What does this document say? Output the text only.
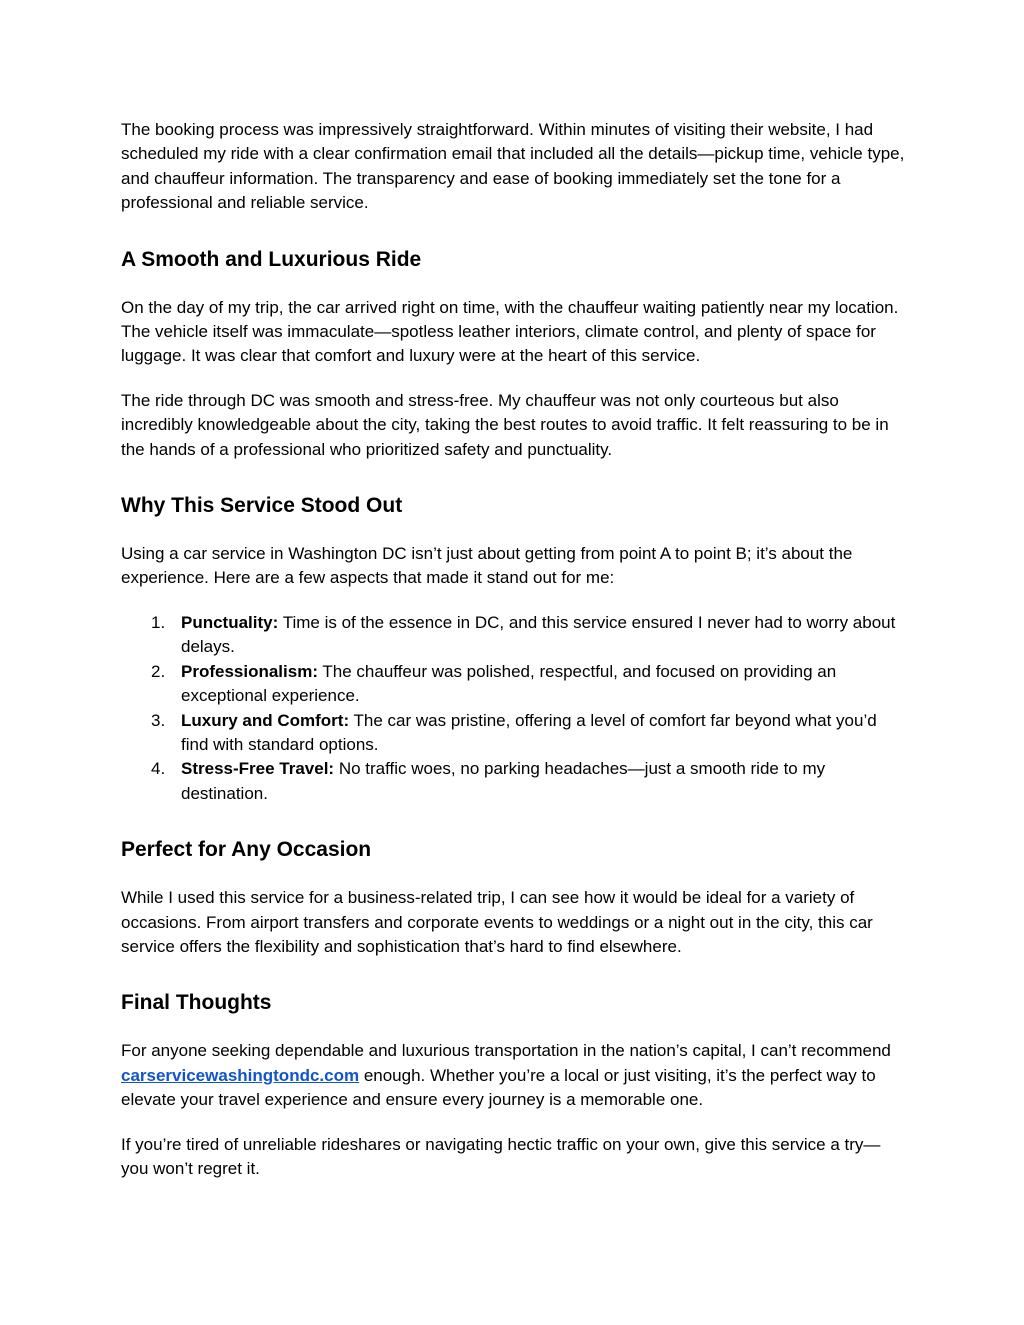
The booking process was impressively straightforward. Within minutes of visiting their website, I had scheduled my ride with a clear confirmation email that included all the details—pickup time, vehicle type, and chauffeur information. The transparency and ease of booking immediately set the tone for a professional and reliable service.

A Smooth and Luxurious Ride

On the day of my trip, the car arrived right on time, with the chauffeur waiting patiently near my location. The vehicle itself was immaculate—spotless leather interiors, climate control, and plenty of space for luggage. It was clear that comfort and luxury were at the heart of this service.

The ride through DC was smooth and stress-free. My chauffeur was not only courteous but also incredibly knowledgeable about the city, taking the best routes to avoid traffic. It felt reassuring to be in the hands of a professional who prioritized safety and punctuality.

Why This Service Stood Out

Using a car service in Washington DC isn’t just about getting from point A to point B; it’s about the experience. Here are a few aspects that made it stand out for me:

1. Punctuality: Time is of the essence in DC, and this service ensured I never had to worry about delays.
2. Professionalism: The chauffeur was polished, respectful, and focused on providing an exceptional experience.
3. Luxury and Comfort: The car was pristine, offering a level of comfort far beyond what you’d find with standard options.
4. Stress-Free Travel: No traffic woes, no parking headaches—just a smooth ride to my destination.
Perfect for Any Occasion

While I used this service for a business-related trip, I can see how it would be ideal for a variety of occasions. From airport transfers and corporate events to weddings or a night out in the city, this car service offers the flexibility and sophistication that’s hard to find elsewhere.

Final Thoughts

For anyone seeking dependable and luxurious transportation in the nation’s capital, I can’t recommend carservicewashingtondc.com enough. Whether you’re a local or just visiting, it’s the perfect way to elevate your travel experience and ensure every journey is a memorable one.

If you’re tired of unreliable rideshares or navigating hectic traffic on your own, give this service a try—you won’t regret it.
